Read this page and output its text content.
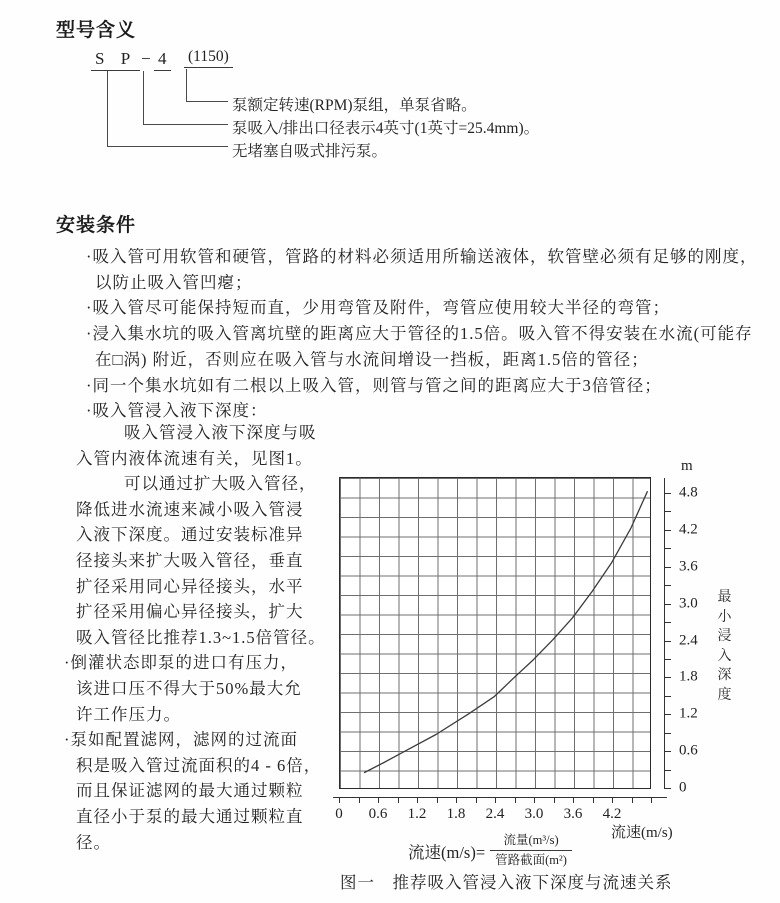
型号含义
S P − 4 (1150)
泵额定转速(RPM)泵组，单泵省略。
泵吸入/排出口径表示4英寸(1英寸=25.4mm)。
无堵塞自吸式排污泵。
安装条件
·吸入管可用软管和硬管，管路的材料必须适用所输送液体，软管壁必须有足够的刚度，
以防止吸入管凹瘪；
·吸入管尽可能保持短而直，少用弯管及附件，弯管应使用较大半径的弯管；
·浸入集水坑的吸入管离坑壁的距离应大于管径的1.5倍。吸入管不得安装在水流(可能存
在□涡) 附近，否则应在吸入管与水流间增设一挡板，距离1.5倍的管径；
·同一个集水坑如有二根以上吸入管，则管与管之间的距离应大于3倍管径；
·吸入管浸入液下深度：
吸入管浸入液下深度与吸
入管内液体流速有关，见图1。
可以通过扩大吸入管径，
降低进水流速来减小吸入管浸
入液下深度。通过安装标准异
径接头来扩大吸入管径，垂直
扩径采用同心异径接头，水平
扩径采用偏心异径接头，扩大
吸入管径比推荐1.3~1.5倍管径。
·倒灌状态即泵的进口有压力，
该进口压不得大于50%最大允
许工作压力。
·泵如配置滤网，滤网的过流面
积是吸入管过流面积的4 - 6倍，
而且保证滤网的最大通过颗粒
直径小于泵的最大通过颗粒直
径。
0 0.6 1.2 1.8 2.4 3.0 3.6 4.2
0
0.6
1.2
1.8
2.4
3.0
3.6
4.2
4.8
m
最小浸入深度
流速(m/s)
流速$(m/s)= \frac{\text{流量(m³/s)}}{\text{管路截面(m²)}}$
图一　推荐吸入管浸入液下深度与流速关系
